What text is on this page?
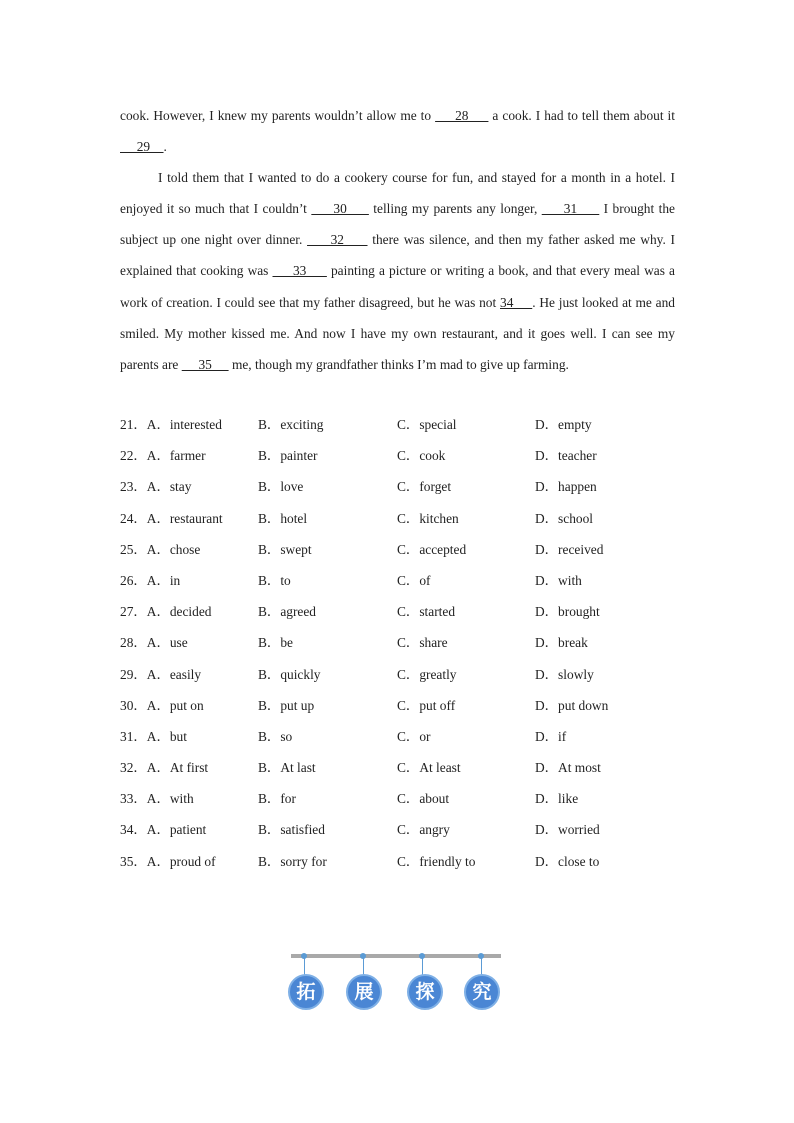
cook. However, I knew my parents wouldn’t allow me to      28      a cook. I had to tell them about it      29    .

I told them that I wanted to do a cookery course for fun, and stayed for a month in a hotel. I enjoyed it so much that I couldn’t      30      telling my parents any longer,      31      I brought the subject up one night over dinner.      32      there was silence, and then my father asked me why. I explained that cooking was      33      painting a picture or writing a book, and that every meal was a work of creation. I could see that my father disagreed, but he was not 34     . He just looked at me and smiled. My mother kissed me. And now I have my own restaurant, and it goes well. I can see my parents are      35      me, though my grandfather thinks I’m mad to give up farming.

21．A．interested	B．exciting	C．special	D．empty
22．A．farmer	B．painter	C．cook	D．teacher
23．A．stay	B．love	C．forget	D．happen
24．A．restaurant	B．hotel	C．kitchen	D．school
25．A．chose	B．swept	C．accepted	D．received
26．A．in	B．to	C．of	D．with
27．A．decided	B．agreed	C．started	D．brought
28．A．use	B．be	C．share	D．break
29．A．easily	B．quickly	C．greatly	D．slowly
30．A．put on	B．put up	C．put off	D．put down
31．A．but	B．so	C．or	D．if
32．A．At first	B．At last	C．At least	D．At most
33．A．with	B．for	C．about	D．like
34．A．patient	B．satisfied	C．angry	D．worried
35．A．proud of	B．sorry for	C．friendly to	D．close to
拓	展	探	究
